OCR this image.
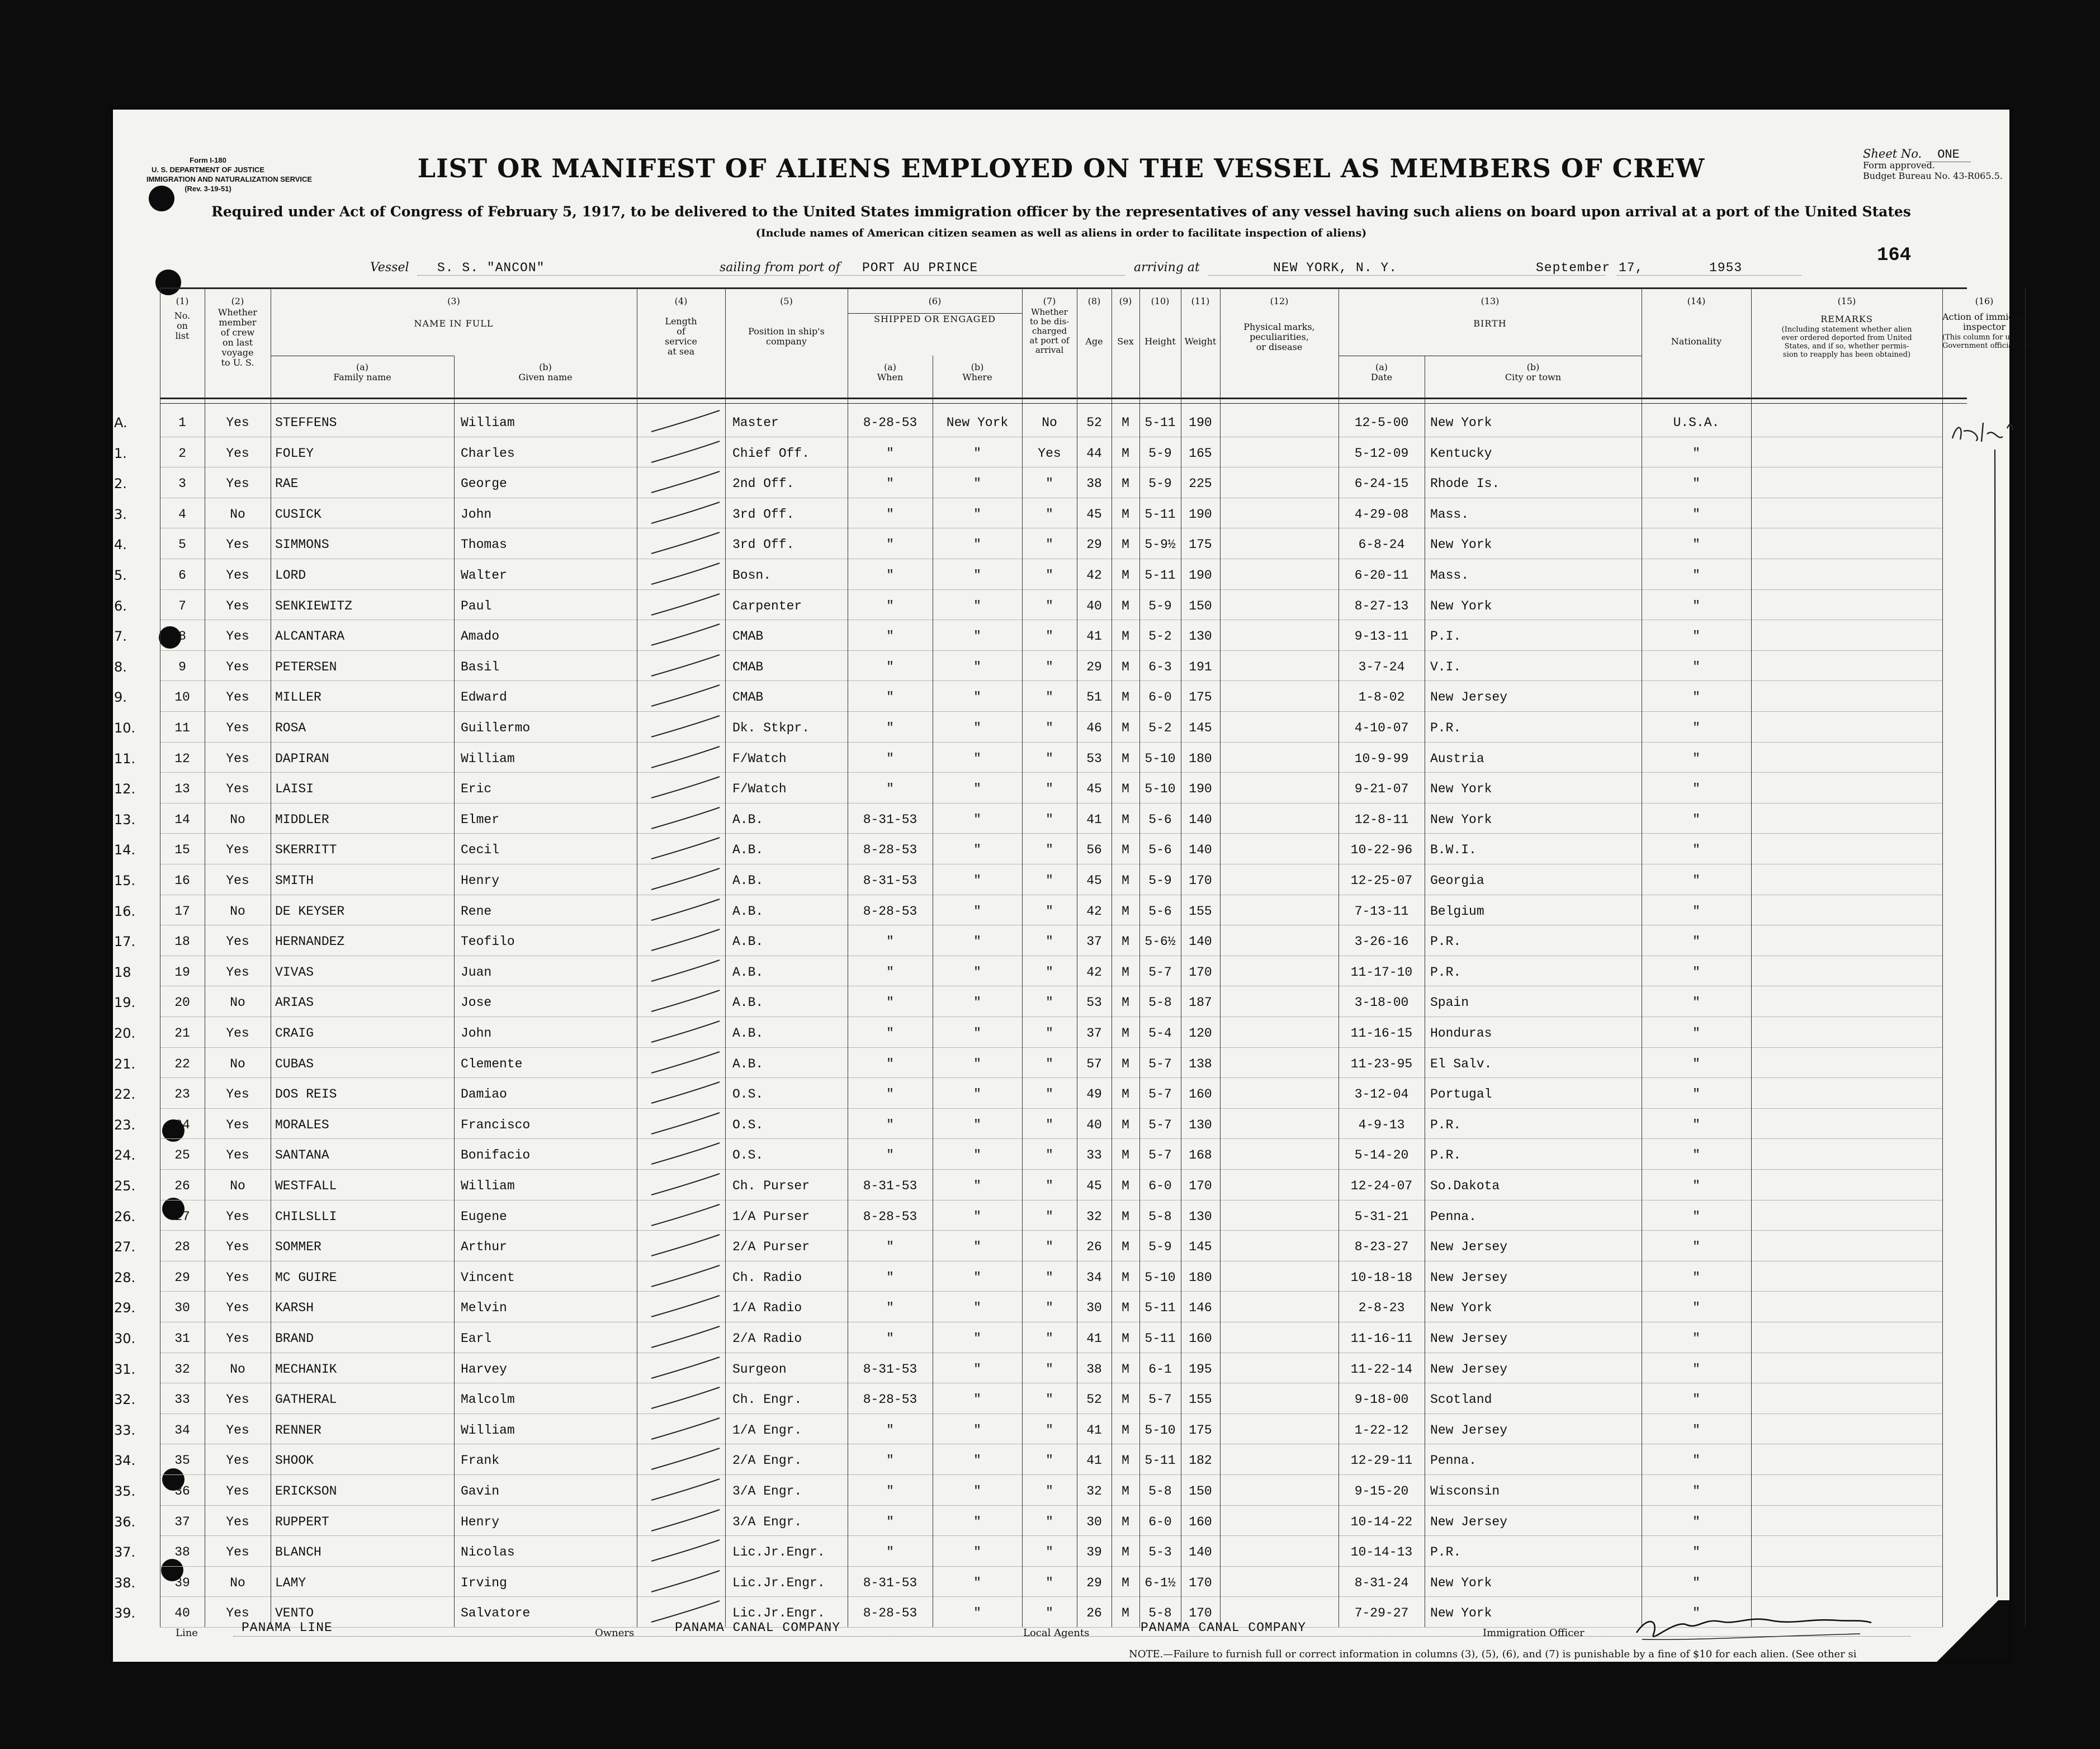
Form I-180
U. S. DEPARTMENT OF JUSTICE
IMMIGRATION AND NATURALIZATION SERVICE
(Rev. 3-19-51)
LIST OR MANIFEST OF ALIENS EMPLOYED ON THE VESSEL AS MEMBERS OF CREW
Required under Act of Congress of February 5, 1917, to be delivered to the United States immigration officer by the representatives of any vessel having such aliens on board upon arrival at a port of the United States
(Include names of American citizen seamen as well as aliens in order to facilitate inspection of aliens)
Sheet No. ONE
Form approved.
Budget Bureau No. 43-R065.5.
164
Vessel S. S. "ANCON"	sailing from port of PORT AU PRINCE	arriving at	NEW YORK, N. Y.	September 17,	1953
(1)
No.
on
list
(2)
Whether
member
of crew
on last
voyage
to U. S.
(3)
NAME IN FULL
(a)
Family name
(b)
Given name
(4)
Length
of
service
at sea
(5)
Position in ship's
company
(6)
SHIPPED OR ENGAGED
(a)
When
(b)
Where
(7)
Whether
to be dis-
charged
at port of
arrival
(8)
Age
(9)
Sex
(10)
Height
(11)
Weight
(12)
Physical marks,
peculiarities,
or disease
(13)
BIRTH
(a)
Date
(b)
City or town
(14)
Nationality
(15)
REMARKS
(Including statement whether alien
ever ordered deported from United
States, and if so, whether permis-
sion to reapply has been obtained)
(16)
Action of immigrant
inspector
(This column for use of
Government officials only)
A.	1	Yes	STEFFENS	William	Master	8-28-53	New York	No	52	M	5-11	190	12-5-00	New York	U.S.A.
1.	2	Yes	FOLEY	Charles	Chief Off.	"	"	Yes	44	M	5-9	165	5-12-09	Kentucky	"
2.	3	Yes	RAE	George	2nd Off.	"	"	"	38	M	5-9	225	6-24-15	Rhode Is.	"
3.	4	No	CUSICK	John	3rd Off.	"	"	"	45	M	5-11	190	4-29-08	Mass.	"
4.	5	Yes	SIMMONS	Thomas	3rd Off.	"	"	"	29	M	5-9½	175	6-8-24	New York	"
5.	6	Yes	LORD	Walter	Bosn.	"	"	"	42	M	5-11	190	6-20-11	Mass.	"
6.	7	Yes	SENKIEWITZ	Paul	Carpenter	"	"	"	40	M	5-9	150	8-27-13	New York	"
7.	8	Yes	ALCANTARA	Amado	CMAB	"	"	"	41	M	5-2	130	9-13-11	P.I.	"
8.	9	Yes	PETERSEN	Basil	CMAB	"	"	"	29	M	6-3	191	3-7-24	V.I.	"
9.	10	Yes	MILLER	Edward	CMAB	"	"	"	51	M	6-0	175	1-8-02	New Jersey	"
10.	11	Yes	ROSA	Guillermo	Dk. Stkpr.	"	"	"	46	M	5-2	145	4-10-07	P.R.	"
11.	12	Yes	DAPIRAN	William	F/Watch	"	"	"	53	M	5-10	180	10-9-99	Austria	"
12.	13	Yes	LAISI	Eric	F/Watch	"	"	"	45	M	5-10	190	9-21-07	New York	"
13.	14	No	MIDDLER	Elmer	A.B.	8-31-53	"	"	41	M	5-6	140	12-8-11	New York	"
14.	15	Yes	SKERRITT	Cecil	A.B.	8-28-53	"	"	56	M	5-6	140	10-22-96	B.W.I.	"
15.	16	Yes	SMITH	Henry	A.B.	8-31-53	"	"	45	M	5-9	170	12-25-07	Georgia	"
16.	17	No	DE KEYSER	Rene	A.B.	8-28-53	"	"	42	M	5-6	155	7-13-11	Belgium	"
17.	18	Yes	HERNANDEZ	Teofilo	A.B.	"	"	"	37	M	5-6½	140	3-26-16	P.R.	"
18	19	Yes	VIVAS	Juan	A.B.	"	"	"	42	M	5-7	170	11-17-10	P.R.	"
19.	20	No	ARIAS	Jose	A.B.	"	"	"	53	M	5-8	187	3-18-00	Spain	"
20.	21	Yes	CRAIG	John	A.B.	"	"	"	37	M	5-4	120	11-16-15	Honduras	"
21.	22	No	CUBAS	Clemente	A.B.	"	"	"	57	M	5-7	138	11-23-95	El Salv.	"
22.	23	Yes	DOS REIS	Damiao	O.S.	"	"	"	49	M	5-7	160	3-12-04	Portugal	"
23.	24	Yes	MORALES	Francisco	O.S.	"	"	"	40	M	5-7	130	4-9-13	P.R.	"
24.	25	Yes	SANTANA	Bonifacio	O.S.	"	"	"	33	M	5-7	168	5-14-20	P.R.	"
25.	26	No	WESTFALL	William	Ch. Purser	8-31-53	"	"	45	M	6-0	170	12-24-07	So.Dakota	"
26.	27	Yes	CHILSLLI	Eugene	1/A Purser	8-28-53	"	"	32	M	5-8	130	5-31-21	Penna.	"
27.	28	Yes	SOMMER	Arthur	2/A Purser	"	"	"	26	M	5-9	145	8-23-27	New Jersey	"
28.	29	Yes	MC GUIRE	Vincent	Ch. Radio	"	"	"	34	M	5-10	180	10-18-18	New Jersey	"
29.	30	Yes	KARSH	Melvin	1/A Radio	"	"	"	30	M	5-11	146	2-8-23	New York	"
30.	31	Yes	BRAND	Earl	2/A Radio	"	"	"	41	M	5-11	160	11-16-11	New Jersey	"
31.	32	No	MECHANIK	Harvey	Surgeon	8-31-53	"	"	38	M	6-1	195	11-22-14	New Jersey	"
32.	33	Yes	GATHERAL	Malcolm	Ch. Engr.	8-28-53	"	"	52	M	5-7	155	9-18-00	Scotland	"
33.	34	Yes	RENNER	William	1/A Engr.	"	"	"	41	M	5-10	175	1-22-12	New Jersey	"
34.	35	Yes	SHOOK	Frank	2/A Engr.	"	"	"	41	M	5-11	182	12-29-11	Penna.	"
35.	36	Yes	ERICKSON	Gavin	3/A Engr.	"	"	"	32	M	5-8	150	9-15-20	Wisconsin	"
36.	37	Yes	RUPPERT	Henry	3/A Engr.	"	"	"	30	M	6-0	160	10-14-22	New Jersey	"
37.	38	Yes	BLANCH	Nicolas	Lic.Jr.Engr.	"	"	"	39	M	5-3	140	10-14-13	P.R.	"
38.	39	No	LAMY	Irving	Lic.Jr.Engr.	8-31-53	"	"	29	M	6-1½	170	8-31-24	New York	"
39.	40	Yes	VENTO	Salvatore	Lic.Jr.Engr.	8-28-53	"	"	26	M	5-8	170	7-29-27	New York	"
Line	PANAMA LINE	Owners	PANAMA CANAL COMPANY	Local Agents	PANAMA CANAL COMPANY	Immigration Officer
NOTE.—Failure to furnish full or correct information in columns (3), (5), (6), and (7) is punishable by a fine of $10 for each alien. (See other si
